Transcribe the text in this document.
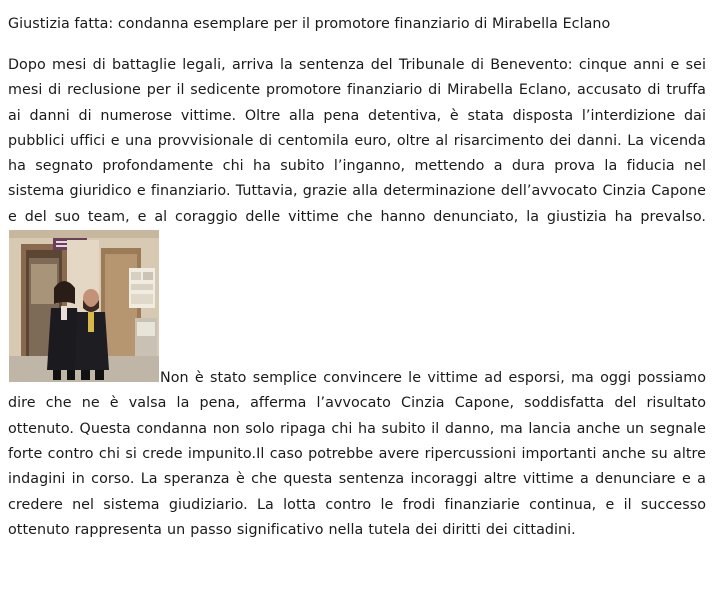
Giustizia fatta: condanna esemplare per il promotore finanziario di Mirabella Eclano

Dopo mesi di battaglie legali, arriva la sentenza del Tribunale di Benevento: cinque anni e sei mesi di reclusione per il sedicente promotore finanziario di Mirabella Eclano, accusato di truffa ai danni di numerose vittime. Oltre alla pena detentiva, è stata disposta l’interdizione dai pubblici uffici e una provvisionale di centomila euro, oltre al risarcimento dei danni. La vicenda ha segnato profondamente chi ha subito l’inganno, mettendo a dura prova la fiducia nel sistema giuridico e finanziario. Tuttavia, grazie alla determinazione dell’avvocato Cinzia Capone e del suo team, e al coraggio delle vittime che hanno denunciato, la giustizia ha prevalso.
Non è stato semplice convincere le vittime ad esporsi, ma oggi possiamo dire che ne è valsa la pena, afferma l’avvocato Cinzia Capone, soddisfatta del risultato ottenuto. Questa condanna non solo ripaga chi ha subito il danno, ma lancia anche un segnale forte contro chi si crede impunito.Il caso potrebbe avere ripercussioni importanti anche su altre indagini in corso. La speranza è che questa sentenza incoraggi altre vittime a denunciare e a credere nel sistema giudiziario. La lotta contro le frodi finanziarie continua, e il successo ottenuto rappresenta un passo significativo nella tutela dei diritti dei cittadini.
